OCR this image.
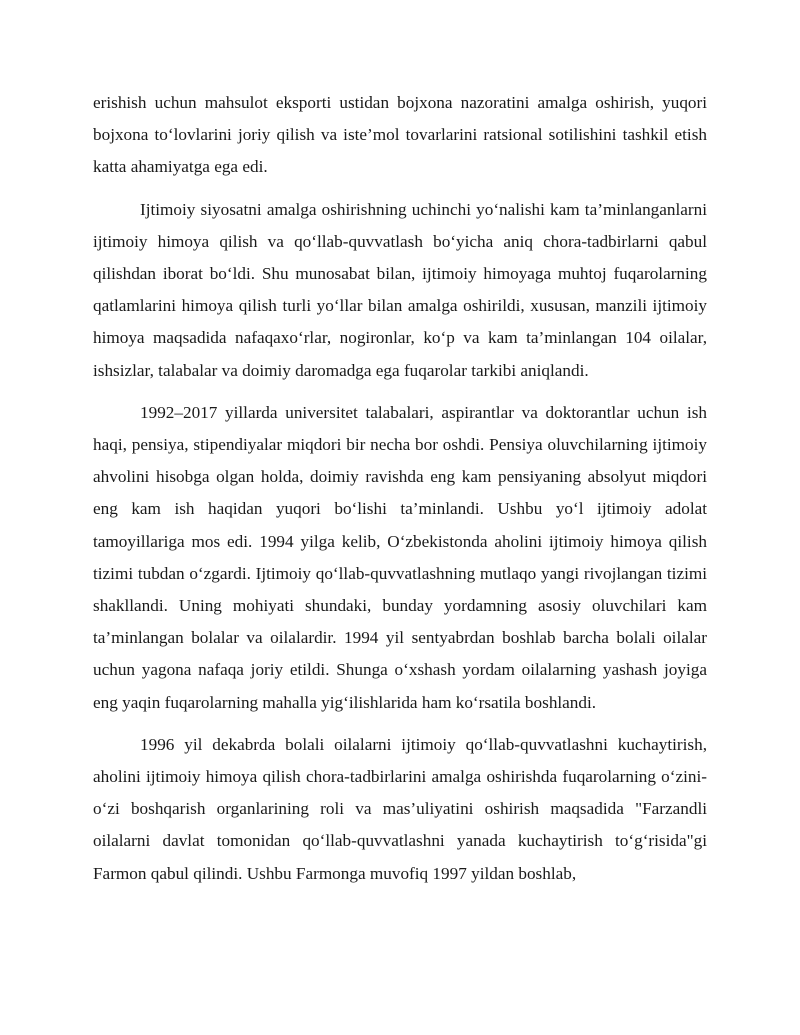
erishish uchun mahsulot eksporti ustidan bojxona nazoratini amalga oshirish, yuqori bojxona to‘lovlarini joriy qilish va iste’mol tovarlarini ratsional sotilishini tashkil etish katta ahamiyatga ega edi.

Ijtimoiy siyosatni amalga oshirishning uchinchi yo‘nalishi kam ta’minlanganlarni ijtimoiy himoya qilish va qo‘llab-quvvatlash bo‘yicha aniq chora-tadbirlarni qabul qilishdan iborat bo‘ldi. Shu munosabat bilan, ijtimoiy himoyaga muhtoj fuqarolarning qatlamlarini himoya qilish turli yo‘llar bilan amalga oshirildi, xususan, manzili ijtimoiy himoya maqsadida nafaqaxo‘rlar, nogironlar, ko‘p va kam ta’minlangan 104 oilalar, ishsizlar, talabalar va doimiy daromadga ega fuqarolar tarkibi aniqlandi.

1992–2017 yillarda universitet talabalari, aspirantlar va doktorantlar uchun ish haqi, pensiya, stipendiyalar miqdori bir necha bor oshdi. Pensiya oluvchilarning ijtimoiy ahvolini hisobga olgan holda, doimiy ravishda eng kam pensiyaning absolyut miqdori eng kam ish haqidan yuqori bo‘lishi ta’minlandi. Ushbu yo‘l ijtimoiy adolat tamoyillariga mos edi. 1994 yilga kelib, O‘zbekistonda aholini ijtimoiy himoya qilish tizimi tubdan o‘zgardi. Ijtimoiy qo‘llab-quvvatlashning mutlaqo yangi rivojlangan tizimi shakllandi. Uning mohiyati shundaki, bunday yordamning asosiy oluvchilari kam ta’minlangan bolalar va oilalardir. 1994 yil sentyabrdan boshlab barcha bolali oilalar uchun yagona nafaqa joriy etildi. Shunga o‘xshash yordam oilalarning yashash joyiga eng yaqin fuqarolarning mahalla yig‘ilishlarida ham ko‘rsatila boshlandi.

1996 yil dekabrda bolali oilalarni ijtimoiy qo‘llab-quvvatlashni kuchaytirish, aholini ijtimoiy himoya qilish chora-tadbirlarini amalga oshirishda fuqarolarning o‘zini-o‘zi boshqarish organlarining roli va mas’uliyatini oshirish maqsadida "Farzandli oilalarni davlat tomonidan qo‘llab-quvvatlashni yanada kuchaytirish to‘g‘risida"gi Farmon qabul qilindi. Ushbu Farmonga muvofiq 1997 yildan boshlab,
